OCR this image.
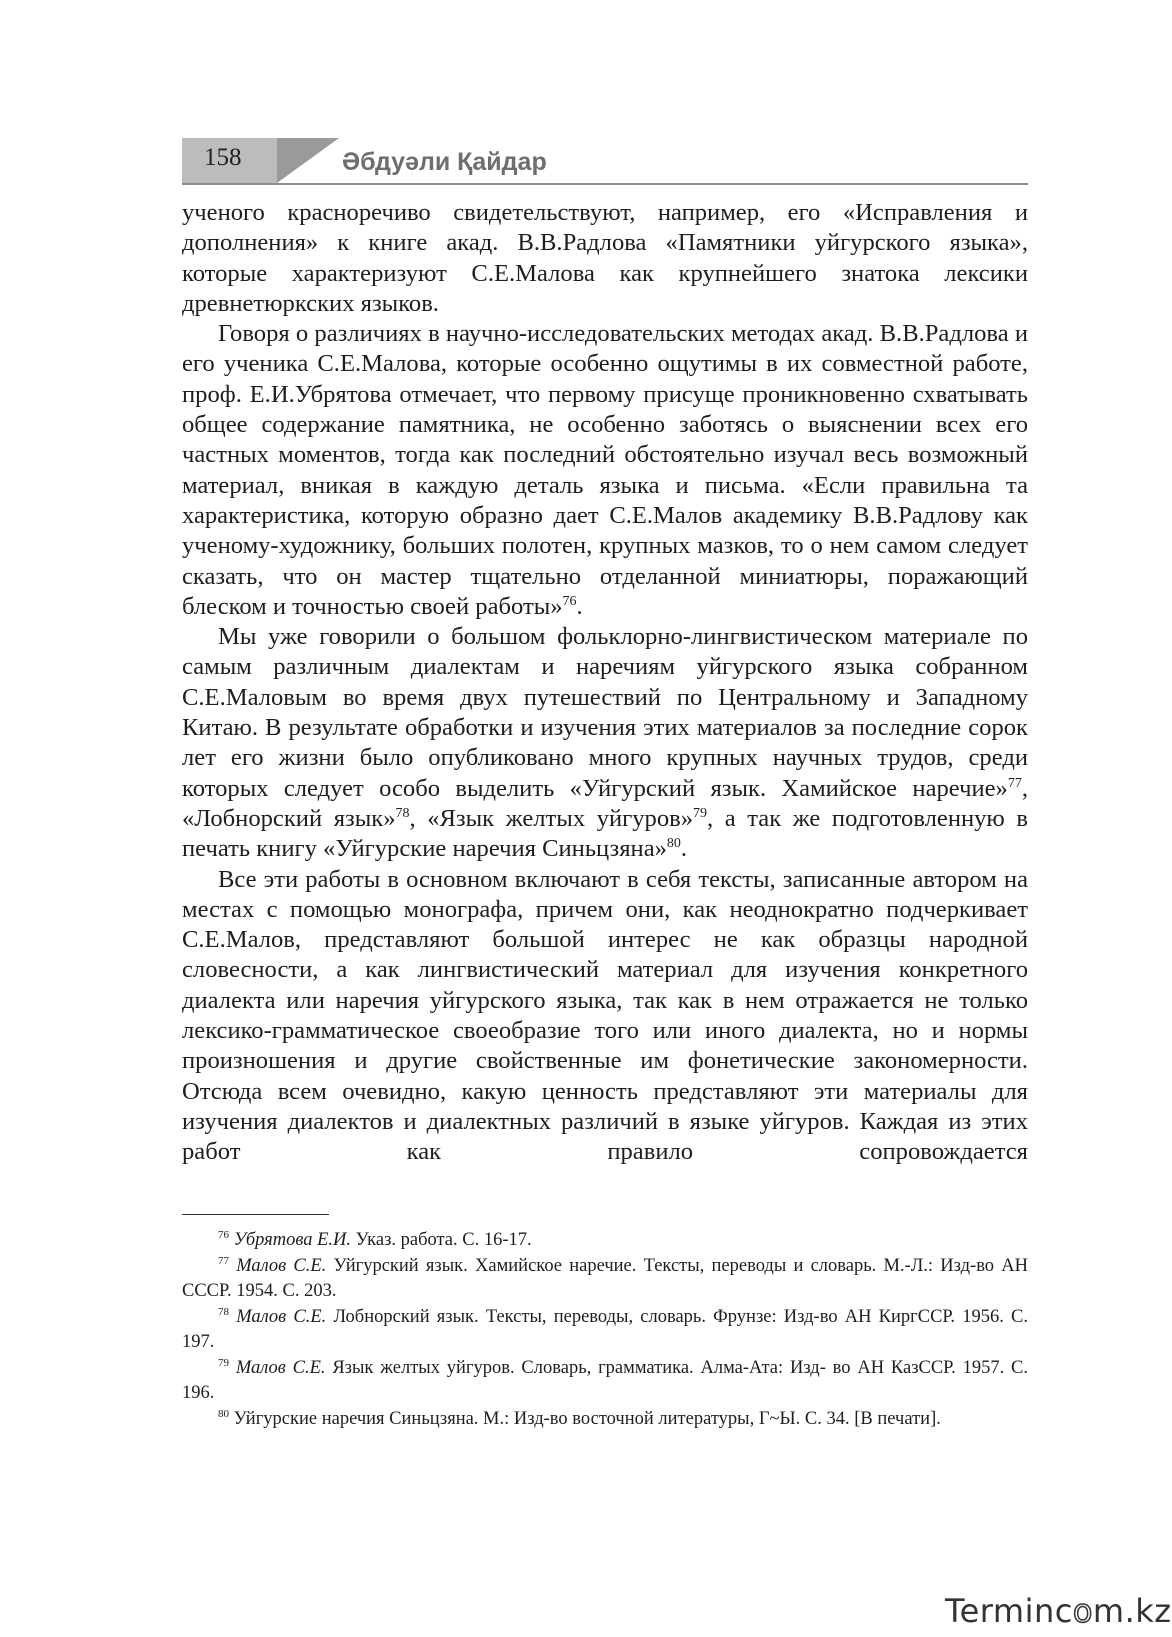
158	Әбдуәли Қайдар

ученого красноречиво свидетельствуют, например, его «Исправления и дополнения» к книге акад. В.В.Радлова «Памятники уйгурского языка», которые характеризуют С.Е.Малова как крупнейшего знатока лексики древнетюркских языков.

Говоря о различиях в научно-исследовательских методах акад. В.В.Радлова и его ученика С.Е.Малова, которые особенно ощутимы в их совместной работе, проф. Е.И.Убрятова отмечает, что первому присуще проникновенно схватывать общее содержание памятника, не особенно заботясь о выяснении всех его частных моментов, тогда как последний обстоятельно изучал весь возможный материал, вникая в каждую деталь языка и письма. «Если правильна та характеристика, которую образно дает С.Е.Малов академику В.В.Радлову как ученому-художнику, больших полотен, крупных мазков, то о нем самом следует сказать, что он мастер тщательно отделанной миниатюры, поражающий блеском и точностью своей работы»$^{76}$.

Мы уже говорили о большом фольклорно-лингвистическом материале по самым различным диалектам и наречиям уйгурского языка собранном С.Е.Маловым во время двух путешествий по Центральному и Западному Китаю. В результате обработки и изучения этих материалов за последние сорок лет его жизни было опубликовано много крупных научных трудов, среди которых следует особо выделить «Уйгурский язык. Хамийское наречие»$^{77}$, «Лобнорский язык»$^{78}$, «Язык желтых уйгуров»$^{79}$, а так же подготовленную в печать книгу «Уйгурские наречия Синьцзяна»$^{80}$.

Все эти работы в основном включают в себя тексты, записанные автором на местах с помощью монографа, причем они, как неоднократно подчеркивает С.Е.Малов, представляют большой интерес не как образцы народной словесности, а как лингвистический материал для изучения конкретного диалекта или наречия уйгурского языка, так как в нем отражается не только лексико-грамматическое своеобразие того или иного диалекта, но и нормы произношения и другие свойственные им фонетические закономерности. Отсюда всем очевидно, какую ценность представляют эти материалы для изучения диалектов и диалектных различий в языке уйгуров. Каждая из этих работ как правило сопровождается

$^{76}$ Убрятова Е.И. Указ. работа. С. 16-17.

$^{77}$ Малов С.Е. Уйгурский язык. Хамийское наречие. Тексты, переводы и словарь. М.-Л.: Изд-во АН СССР. 1954. С. 203.

$^{78}$ Малов С.Е. Лобнорский язык. Тексты, переводы, словарь. Фрунзе: Изд-во АН КиргССР. 1956. С. 197.

$^{79}$ Малов С.Е. Язык желтых уйгуров. Словарь, грамматика. Алма-Ата: Изд- во АН КазССР. 1957. С. 196.

$^{80}$ Уйгурские наречия Синьцзяна. М.: Изд-во восточной литературы, Г~Ы. С. 34. [В печати].

Termincom.kz
